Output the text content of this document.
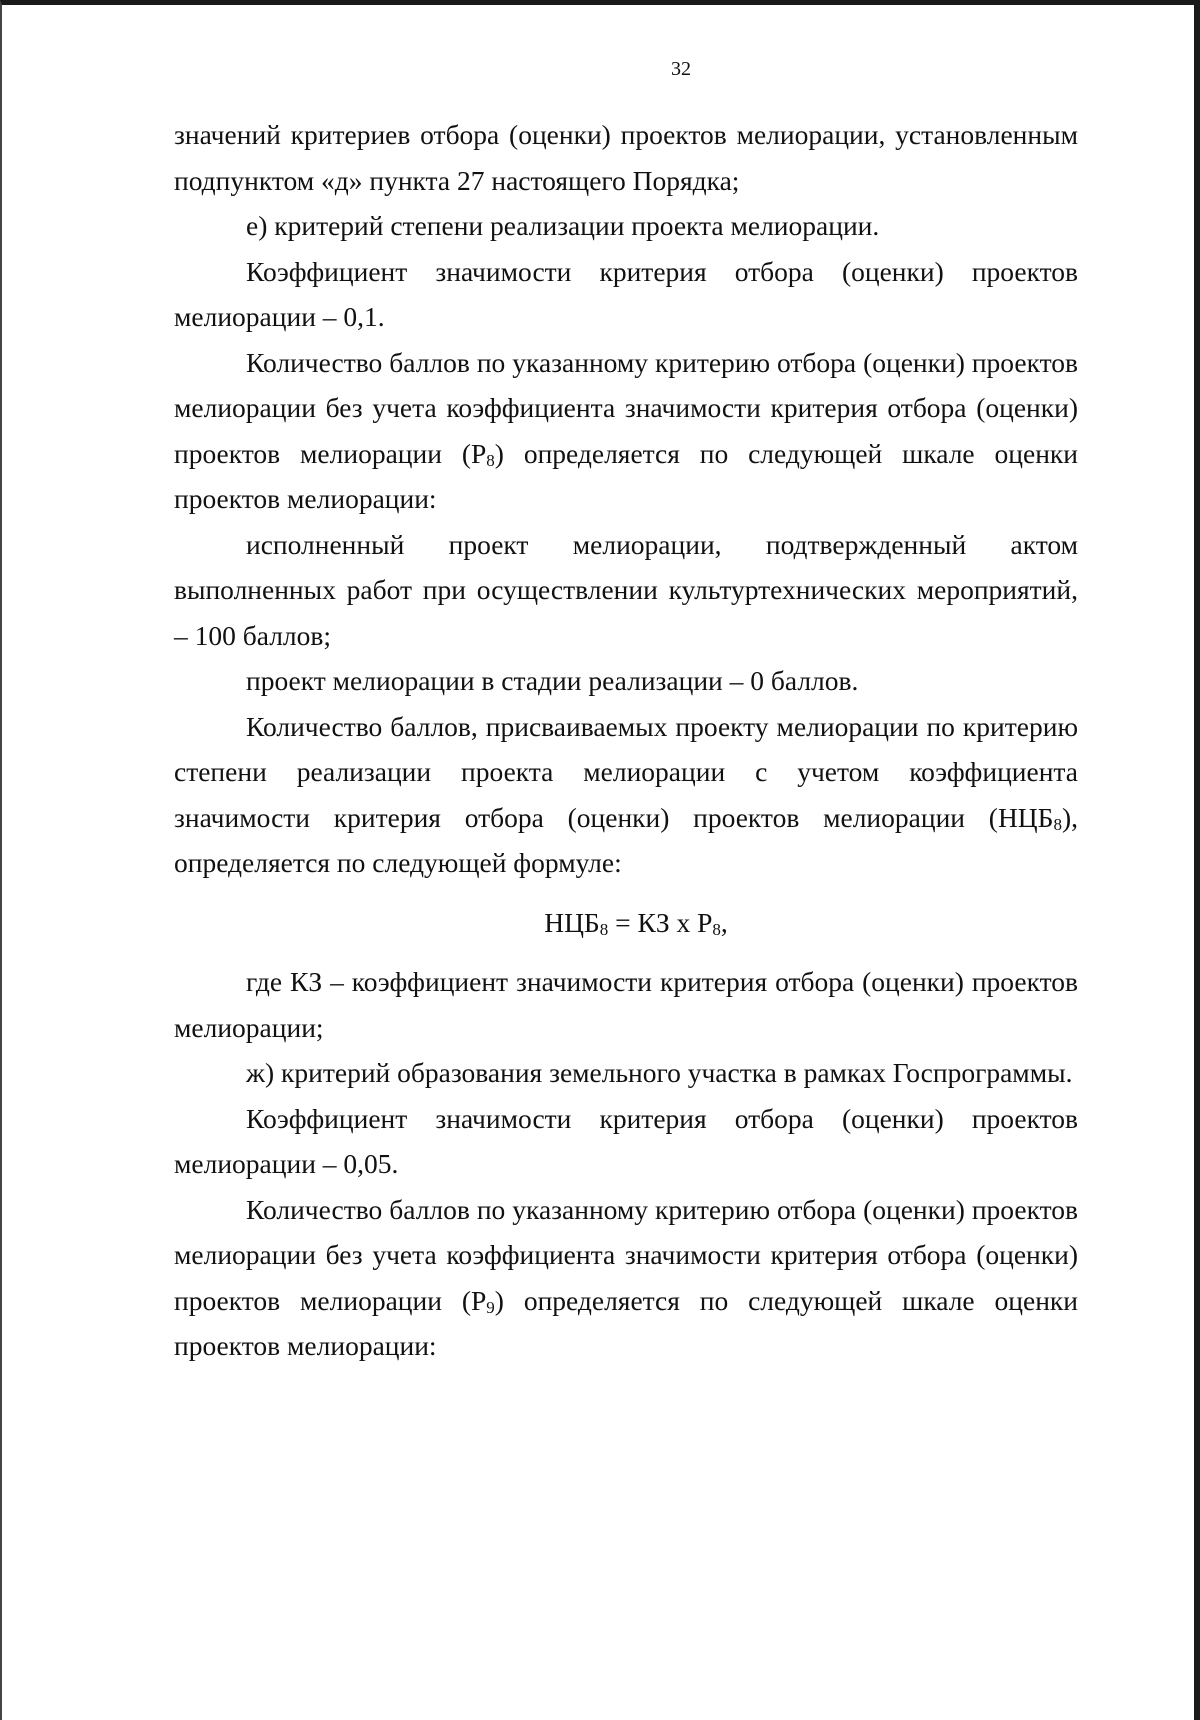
32

значений критериев отбора (оценки) проектов мелиорации, установленным подпунктом «д» пункта 27 настоящего Порядка;

е) критерий степени реализации проекта мелиорации.

Коэффициент значимости критерия отбора (оценки) проектов мелиорации – 0,1.

Количество баллов по указанному критерию отбора (оценки) проектов мелиорации без учета коэффициента значимости критерия отбора (оценки) проектов мелиорации $(Р_8)$ определяется по следующей шкале оценки проектов мелиорации:

исполненный проект мелиорации, подтвержденный актом выполненных работ при осуществлении культуртехнических мероприятий, – 100 баллов;

проект мелиорации в стадии реализации – 0 баллов.

Количество баллов, присваиваемых проекту мелиорации по критерию степени реализации проекта мелиорации с учетом коэффициента значимости критерия отбора (оценки) проектов мелиорации $(НЦБ_8)$, определяется по следующей формуле:

$НЦБ_8$ = КЗ х $Р_8$,

где КЗ – коэффициент значимости критерия отбора (оценки) проектов мелиорации;

ж) критерий образования земельного участка в рамках Госпрограммы.

Коэффициент значимости критерия отбора (оценки) проектов мелиорации – 0,05.

Количество баллов по указанному критерию отбора (оценки) проектов мелиорации без учета коэффициента значимости критерия отбора (оценки) проектов мелиорации $(Р_9)$ определяется по следующей шкале оценки проектов мелиорации:
